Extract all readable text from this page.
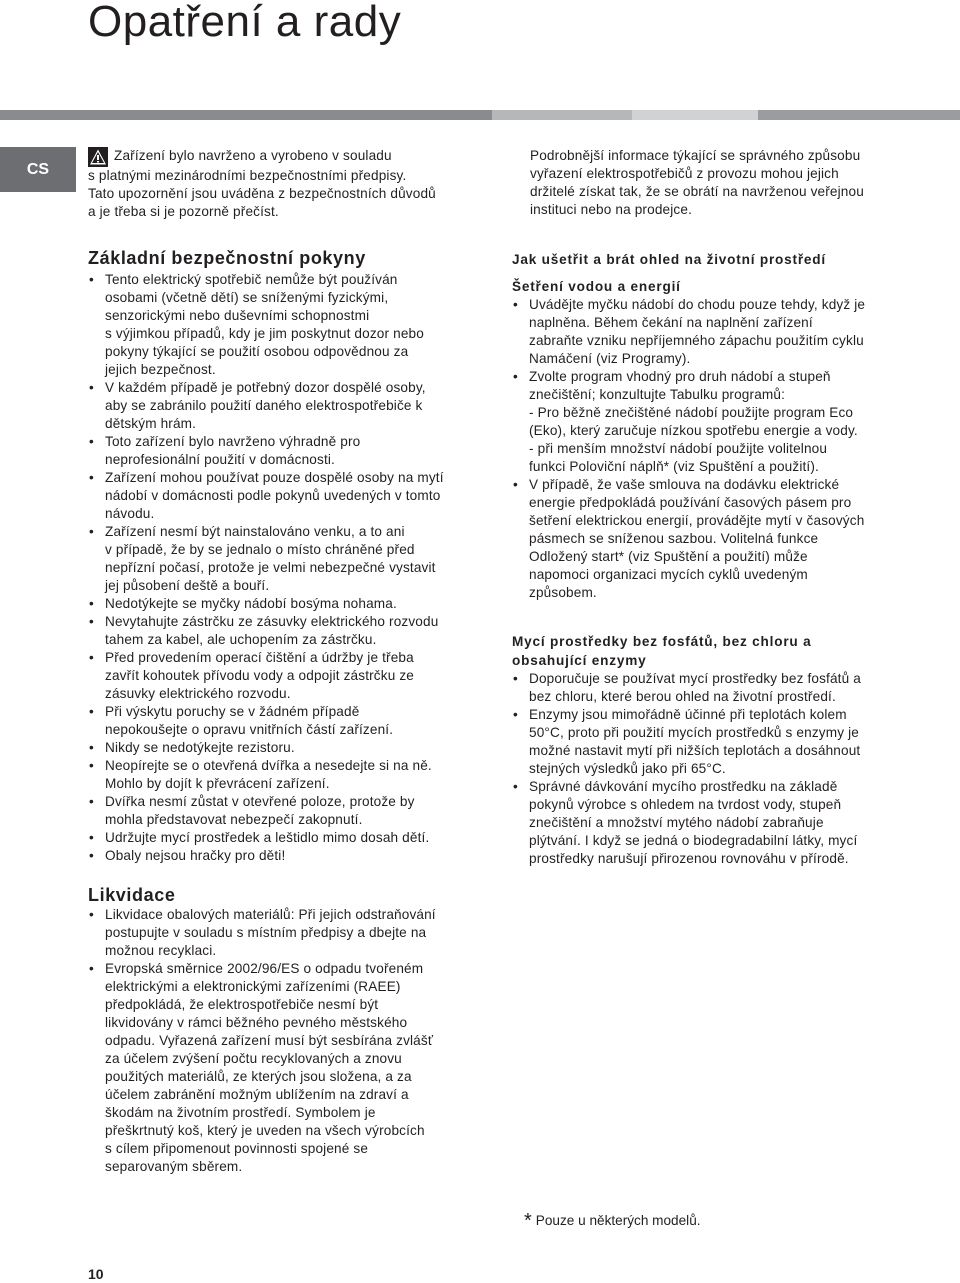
Opatření a rady
CS
Zařízení bylo navrženo a vyrobeno v souladu
s platnými mezinárodními bezpečnostními předpisy.
Tato upozornění jsou uváděna z bezpečnostních důvodů
a je třeba si je pozorně přečíst.
Podrobnější informace týkající se správného způsobu
vyřazení elektrospotřebičů z provozu mohou jejich
držitelé získat tak, že se obrátí na navrženou veřejnou
instituci nebo na prodejce.
Základní bezpečnostní pokyny
• Tento elektrický spotřebič nemůže být používán
osobami (včetně dětí) se sníženými fyzickými,
senzorickými nebo duševními schopnostmi
s výjimkou případů, kdy je jim poskytnut dozor nebo
pokyny týkající se použití osobou odpovědnou za
jejich bezpečnost.
• V každém případě je potřebný dozor dospělé osoby,
aby se zabránilo použití daného elektrospotřebiče k
dětským hrám.
• Toto zařízení bylo navrženo výhradně pro
neprofesionální použití v domácnosti.
• Zařízení mohou používat pouze dospělé osoby na mytí
nádobí v domácnosti podle pokynů uvedených v tomto
návodu.
• Zařízení nesmí být nainstalováno venku, a to ani
v případě, že by se jednalo o místo chráněné před
nepřízní počasí, protože je velmi nebezpečné vystavit
jej působení deště a bouří.
• Nedotýkejte se myčky nádobí bosýma nohama.
• Nevytahujte zástrčku ze zásuvky elektrického rozvodu
tahem za kabel, ale uchopením za zástrčku.
• Před provedením operací čištění a údržby je třeba
zavřít kohoutek přívodu vody a odpojit zástrčku ze
zásuvky elektrického rozvodu.
• Při výskytu poruchy se v žádném případě
nepokoušejte o opravu vnitřních částí zařízení.
• Nikdy se nedotýkejte rezistoru.
• Neopírejte se o otevřená dvířka a nesedejte si na ně.
Mohlo by dojít k převrácení zařízení.
• Dvířka nesmí zůstat v otevřené poloze, protože by
mohla představovat nebezpečí zakopnutí.
• Udržujte mycí prostředek a leštidlo mimo dosah dětí.
• Obaly nejsou hračky pro děti!
Likvidace
• Likvidace obalových materiálů: Při jejich odstraňování
postupujte v souladu s místním předpisy a dbejte na
možnou recyklaci.
• Evropská směrnice 2002/96/ES o odpadu tvořeném
elektrickými a elektronickými zařízeními (RAEE)
předpokládá, že elektrospotřebiče nesmí být
likvidovány v rámci běžného pevného městského
odpadu. Vyřazená zařízení musí být sesbírána zvlášť
za účelem zvýšení počtu recyklovaných a znovu
použitých materiálů, ze kterých jsou složena, a za
účelem zabránění možným ublížením na zdraví a
škodám na životním prostředí. Symbolem je
přeškrtnutý koš, který je uveden na všech výrobcích
s cílem připomenout povinnosti spojené se
separovaným sběrem.
Jak ušetřit a brát ohled na životní prostředí
Šetření vodou a energií
• Uváděјte myčku nádobí do chodu pouze tehdy, když je
naplněna. Během čekání na naplnění zařízení
zabraňte vzniku nepříjemného zápachu použitím cyklu
Namáčení (viz Programy).
• Zvolte program vhodný pro druh nádobí a stupeň
znečištění; konzultujte Tabulku programů:
- Pro běžně znečištěné nádobí použijte program Eco
(Eko), který zaručuje nízkou spotřebu energie a vody.
- při menším množství nádobí použijte volitelnou
funkci Poloviční náplň* (viz Spuštění a použití).
• V případě, že vaše smlouva na dodávku elektrické
energie předpokládá používání časových pásem pro
šetření elektrickou energií, provádějte mytí v časových
pásmech se sníženou sazbou. Volitelná funkce
Odložený start* (viz Spuštění a použití) může
napomoci organizaci mycích cyklů uvedeným
způsobem.
Mycí prostředky bez fosfátů, bez chloru a
obsahující enzymy
• Doporučuje se používat mycí prostředky bez fosfátů a
bez chloru, které berou ohled na životní prostředí.
• Enzymy jsou mimořádně účinné při teplotách kolem
50°C, proto při použití mycích prostředků s enzymy je
možné nastavit mytí při nižších teplotách a dosáhnout
stejných výsledků jako při 65°C.
• Správné dávkování mycího prostředku na základě
pokynů výrobce s ohledem na tvrdost vody, stupeň
znečištění a množství mytého nádobí zabraňuje
plýtvání. I když se jedná o biodegradabilní látky, mycí
prostředky narušují přirozenou rovnováhu v přírodě.
* Pouze u některých modelů.
10
